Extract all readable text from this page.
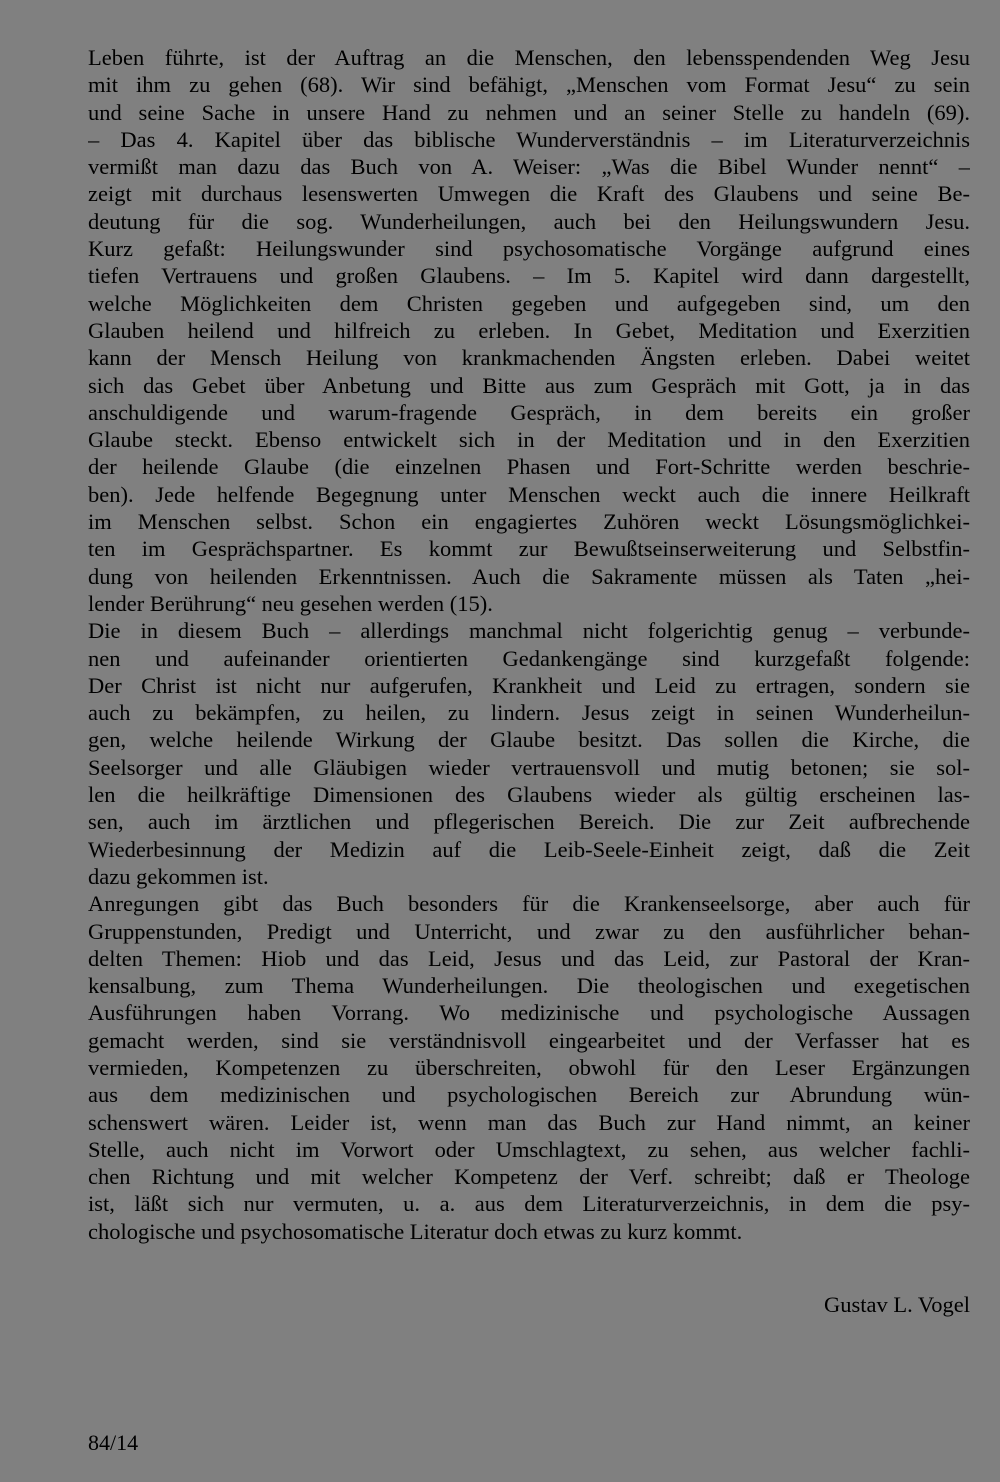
Leben führte, ist der Auftrag an die Menschen, den lebensspendenden Weg Jesu
mit ihm zu gehen (68). Wir sind befähigt, „Menschen vom Format Jesu“ zu sein
und seine Sache in unsere Hand zu nehmen und an seiner Stelle zu handeln (69).
– Das 4. Kapitel über das biblische Wunderverständnis – im Literaturverzeichnis
vermißt man dazu das Buch von A. Weiser: „Was die Bibel Wunder nennt“ –
zeigt mit durchaus lesenswerten Umwegen die Kraft des Glaubens und seine Be-
deutung für die sog. Wunderheilungen, auch bei den Heilungswundern Jesu.
Kurz gefaßt: Heilungswunder sind psychosomatische Vorgänge aufgrund eines
tiefen Vertrauens und großen Glaubens. – Im 5. Kapitel wird dann dargestellt,
welche Möglichkeiten dem Christen gegeben und aufgegeben sind, um den
Glauben heilend und hilfreich zu erleben. In Gebet, Meditation und Exerzitien
kann der Mensch Heilung von krankmachenden Ängsten erleben. Dabei weitet
sich das Gebet über Anbetung und Bitte aus zum Gespräch mit Gott, ja in das
anschuldigende und warum-fragende Gespräch, in dem bereits ein großer
Glaube steckt. Ebenso entwickelt sich in der Meditation und in den Exerzitien
der heilende Glaube (die einzelnen Phasen und Fort-Schritte werden beschrie-
ben). Jede helfende Begegnung unter Menschen weckt auch die innere Heilkraft
im Menschen selbst. Schon ein engagiertes Zuhören weckt Lösungsmöglichkei-
ten im Gesprächspartner. Es kommt zur Bewußtseinserweiterung und Selbstfin-
dung von heilenden Erkenntnissen. Auch die Sakramente müssen als Taten „hei-
lender Berührung“ neu gesehen werden (15).
Die in diesem Buch – allerdings manchmal nicht folgerichtig genug – verbunde-
nen und aufeinander orientierten Gedankengänge sind kurzgefaßt folgende:
Der Christ ist nicht nur aufgerufen, Krankheit und Leid zu ertragen, sondern sie
auch zu bekämpfen, zu heilen, zu lindern. Jesus zeigt in seinen Wunderheilun-
gen, welche heilende Wirkung der Glaube besitzt. Das sollen die Kirche, die
Seelsorger und alle Gläubigen wieder vertrauensvoll und mutig betonen; sie sol-
len die heilkräftige Dimensionen des Glaubens wieder als gültig erscheinen las-
sen, auch im ärztlichen und pflegerischen Bereich. Die zur Zeit aufbrechende
Wiederbesinnung der Medizin auf die Leib-Seele-Einheit zeigt, daß die Zeit
dazu gekommen ist.
Anregungen gibt das Buch besonders für die Krankenseelsorge, aber auch für
Gruppenstunden, Predigt und Unterricht, und zwar zu den ausführlicher behan-
delten Themen: Hiob und das Leid, Jesus und das Leid, zur Pastoral der Kran-
kensalbung, zum Thema Wunderheilungen. Die theologischen und exegetischen
Ausführungen haben Vorrang. Wo medizinische und psychologische Aussagen
gemacht werden, sind sie verständnisvoll eingearbeitet und der Verfasser hat es
vermieden, Kompetenzen zu überschreiten, obwohl für den Leser Ergänzungen
aus dem medizinischen und psychologischen Bereich zur Abrundung wün-
schenswert wären. Leider ist, wenn man das Buch zur Hand nimmt, an keiner
Stelle, auch nicht im Vorwort oder Umschlagtext, zu sehen, aus welcher fachli-
chen Richtung und mit welcher Kompetenz der Verf. schreibt; daß er Theologe
ist, läßt sich nur vermuten, u. a. aus dem Literaturverzeichnis, in dem die psy-
chologische und psychosomatische Literatur doch etwas zu kurz kommt.
Gustav L. Vogel
84/14
